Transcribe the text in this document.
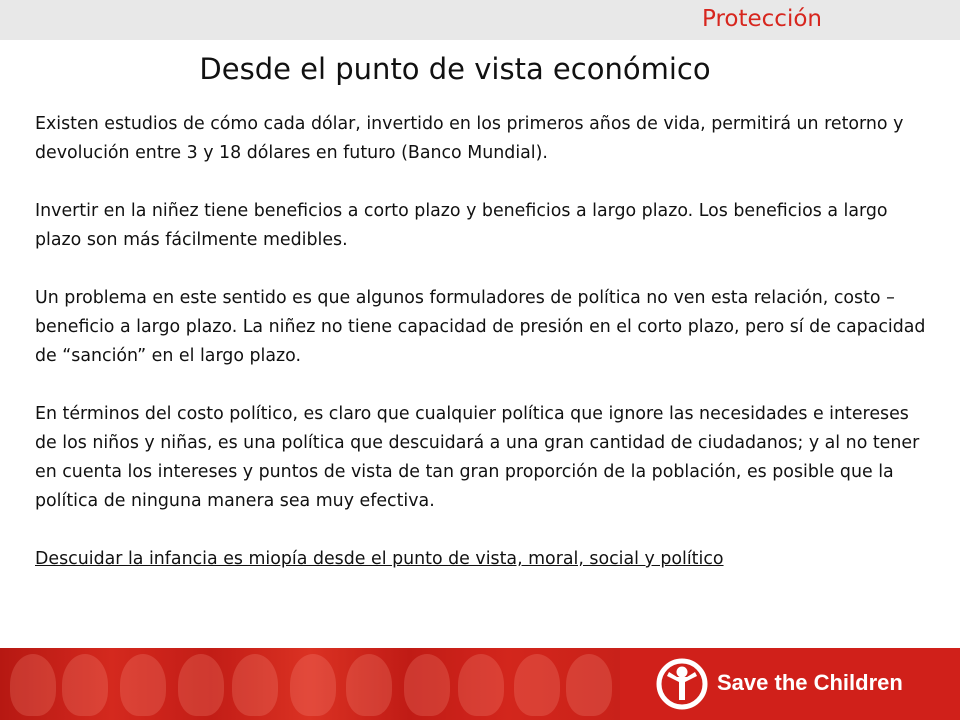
Protección
Desde el punto de vista económico

Existen estudios de cómo cada dólar, invertido en los primeros años de vida, permitirá un retorno y devolución entre 3 y 18 dólares en futuro (Banco Mundial).

Invertir en la niñez tiene beneficios a corto plazo y beneficios a largo plazo. Los beneficios a largo plazo son más fácilmente medibles.

Un problema en este sentido es que algunos formuladores de política no ven esta relación, costo – beneficio a largo plazo. La niñez no tiene capacidad de presión en el corto plazo, pero sí de capacidad de “sanción” en el largo plazo.

En términos del costo político, es claro que cualquier política que ignore las necesidades e intereses de los niños y niñas, es una política que descuidará a una gran cantidad de ciudadanos; y al no tener en cuenta los intereses y puntos de vista de tan gran proporción de la población, es posible que la política de ninguna manera sea muy efectiva.

Descuidar la infancia es miopía desde el punto de vista, moral, social y político

Save the Children
